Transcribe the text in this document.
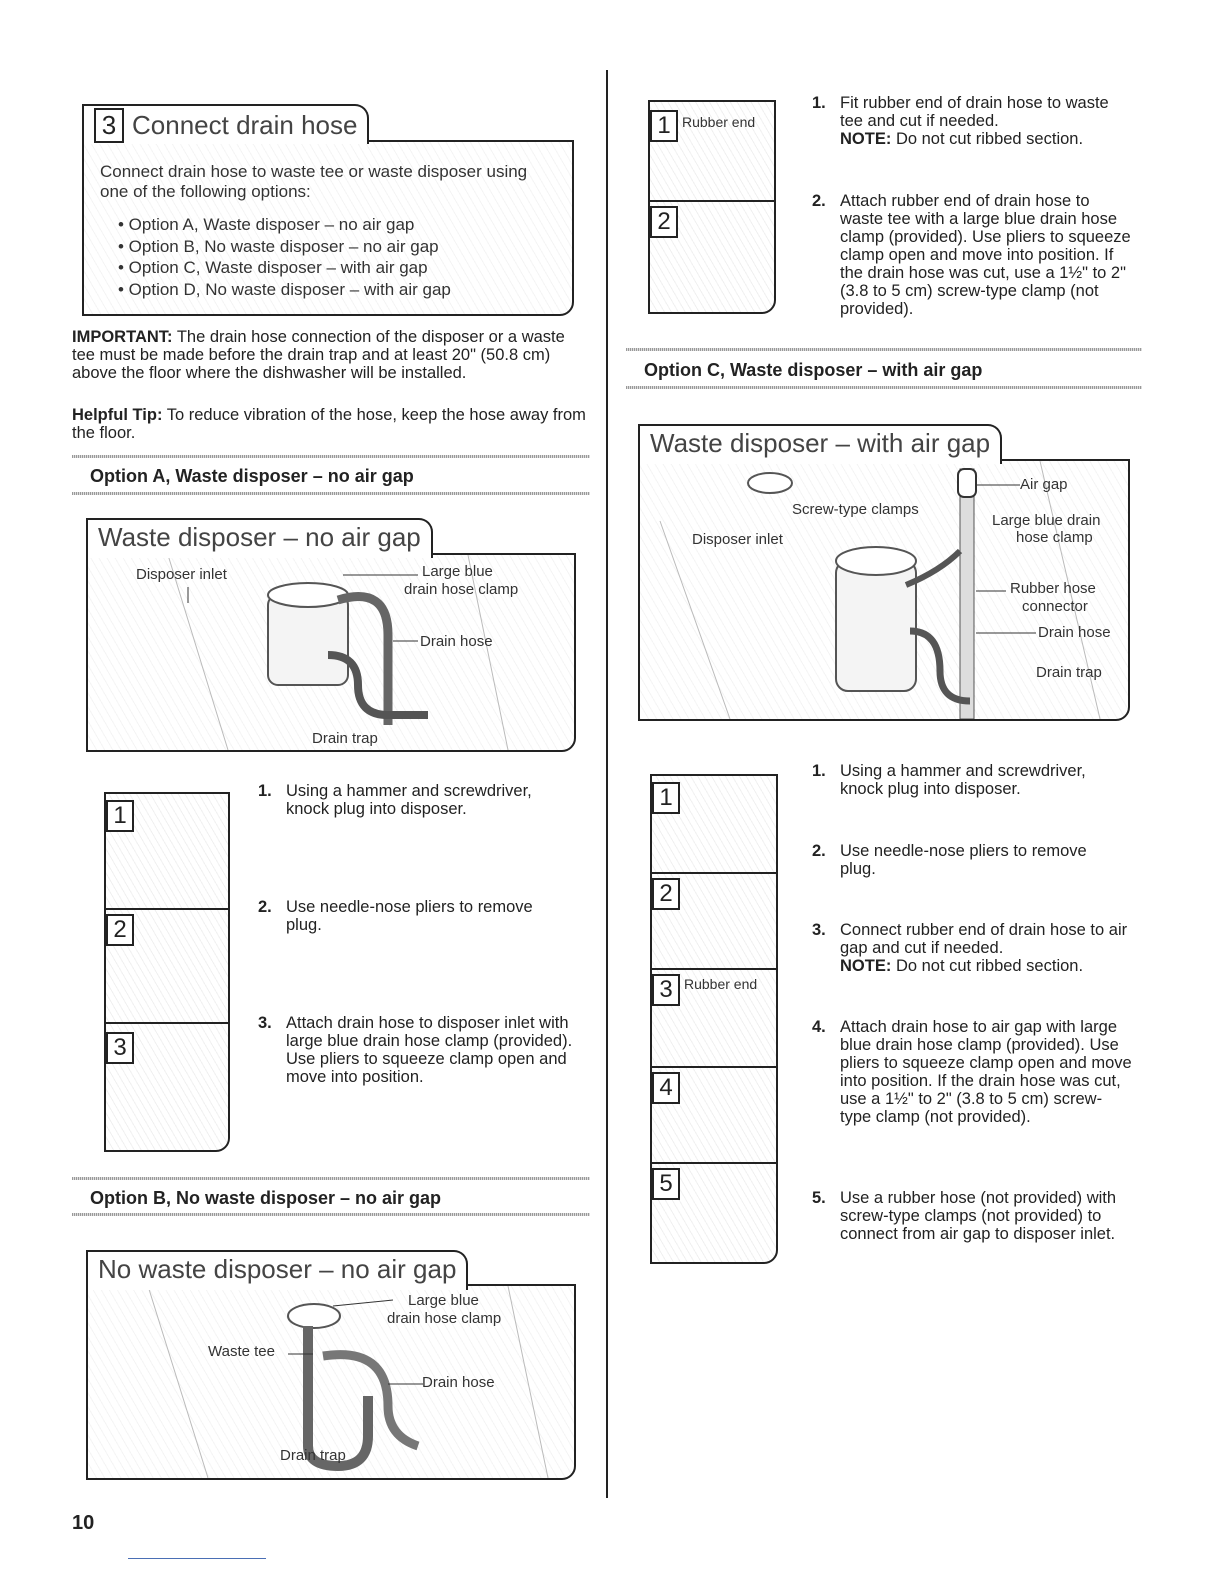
3 Connect drain hose
Connect drain hose to waste tee or waste disposer using one of the following options:
• Option A, Waste disposer – no air gap
• Option B, No waste disposer – no air gap
• Option C, Waste disposer – with air gap
• Option D, No waste disposer – with air gap
IMPORTANT: The drain hose connection of the disposer or a waste tee must be made before the drain trap and at least 20" (50.8 cm) above the floor where the dishwasher will be installed.
Helpful Tip: To reduce vibration of the hose, keep the hose away from the floor.
Option A, Waste disposer – no air gap
Waste disposer – no air gap
Disposer inlet	Large blue
drain hose clamp
Drain hose
Drain trap
1
2
3
1. Using a hammer and screwdriver, knock plug into disposer.
2. Use needle-nose pliers to remove plug.
3. Attach drain hose to disposer inlet with large blue drain hose clamp (provided). Use pliers to squeeze clamp open and move into position.
Option B, No waste disposer – no air gap
No waste disposer – no air gap
Large blue
drain hose clamp
Waste tee
Drain hose
Drain trap
1 Rubber end
2
1. Fit rubber end of drain hose to waste tee and cut if needed.
NOTE: Do not cut ribbed section.
2. Attach rubber end of drain hose to waste tee with a large blue drain hose clamp (provided). Use pliers to squeeze clamp open and move into position. If the drain hose was cut, use a 1½" to 2" (3.8 to 5 cm) screw-type clamp (not provided).
Option C, Waste disposer – with air gap
Waste disposer – with air gap
Air gap
Screw-type clamps
Large blue drain
hose clamp
Disposer inlet
Rubber hose
connector
Drain hose
Drain trap
1
2
3 Rubber end
4
5
1. Using a hammer and screwdriver, knock plug into disposer.
2. Use needle-nose pliers to remove plug.
3. Connect rubber end of drain hose to air gap and cut if needed.
NOTE: Do not cut ribbed section.
4. Attach drain hose to air gap with large blue drain hose clamp (provided). Use pliers to squeeze clamp open and move into position. If the drain hose was cut, use a 1½" to 2" (3.8 to 5 cm) screw-type clamp (not provided).
5. Use a rubber hose (not provided) with screw-type clamps (not provided) to connect from air gap to disposer inlet.
10
